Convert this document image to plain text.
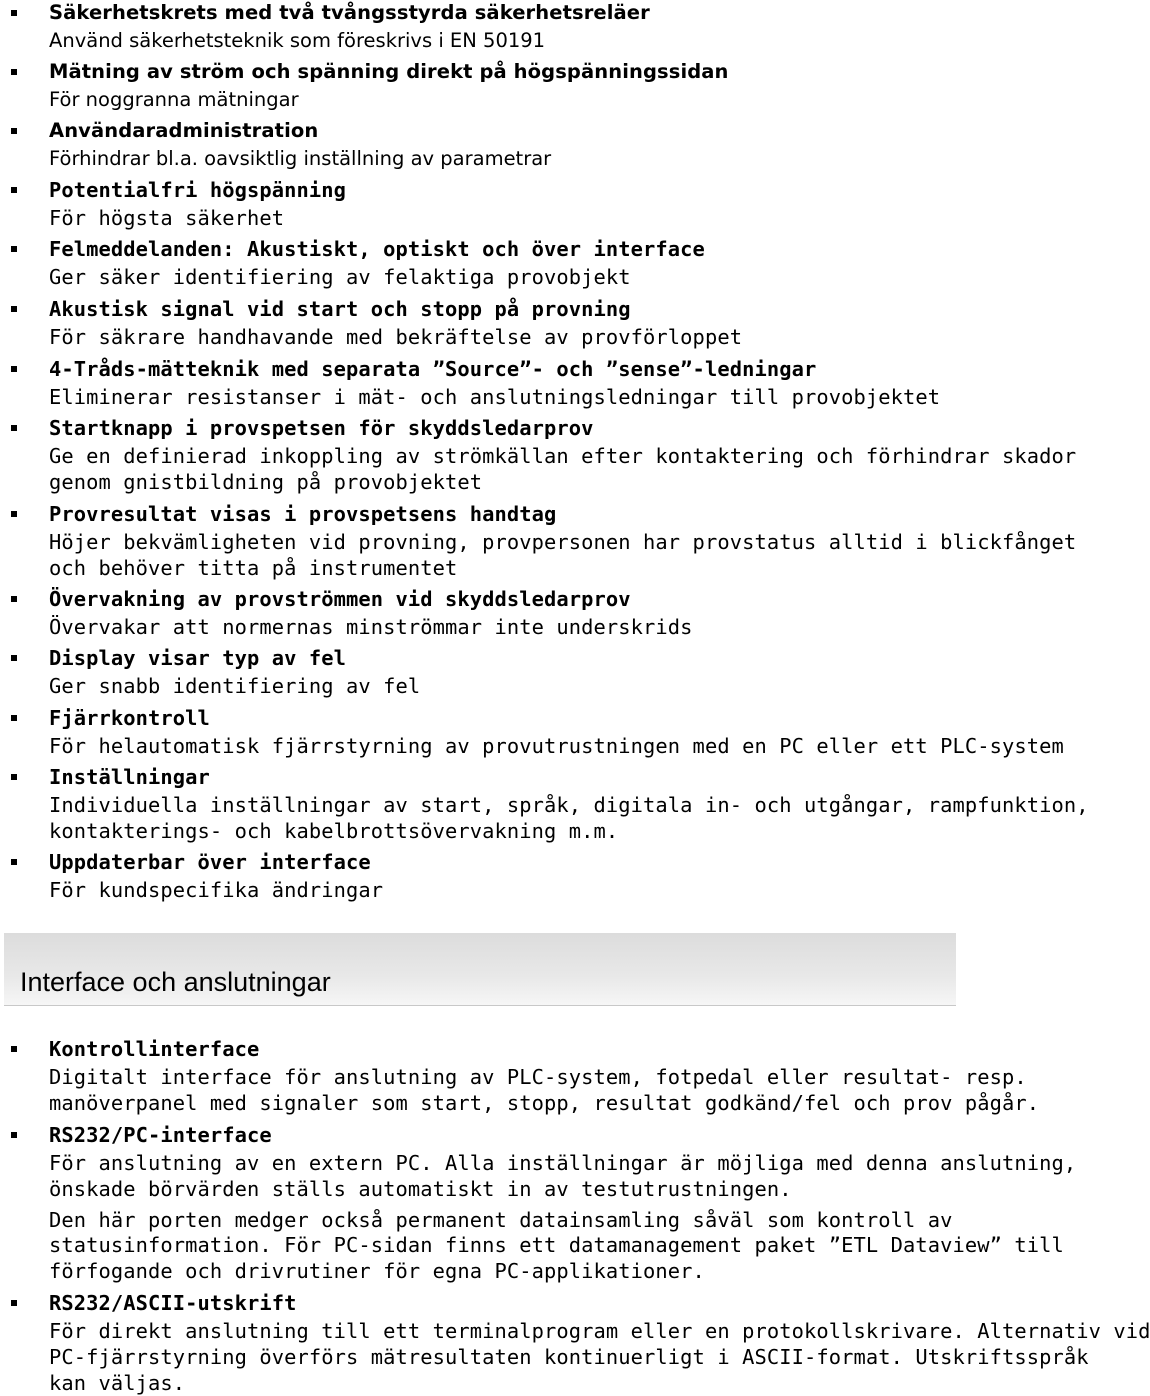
Säkerhetskrets med två tvångsstyrda säkerhetsreläer
Använd säkerhetsteknik som föreskrivs i EN 50191
Mätning av ström och spänning direkt på högspänningssidan
För noggranna mätningar
Användaradministration
Förhindrar bl.a. oavsiktlig inställning av parametrar
Potentialfri högspänning
För högsta säkerhet
Felmeddelanden: Akustiskt, optiskt och över interface
Ger säker identifiering av felaktiga provobjekt
Akustisk signal vid start och stopp på provning
För säkrare handhavande med bekräftelse av provförloppet
4-Tråds-mätteknik med separata ”Source”- och ”sense”-ledningar
Eliminerar resistanser i mät- och anslutningsledningar till provobjektet
Startknapp i provspetsen för skyddsledarprov
Ge en definierad inkoppling av strömkällan efter kontaktering och förhindrar skador
genom gnistbildning på provobjektet
Provresultat visas i provspetsens handtag
Höjer bekvämligheten vid provning, provpersonen har provstatus alltid i blickfånget
och behöver titta på instrumentet
Övervakning av provströmmen vid skyddsledarprov
Övervakar att normernas minströmmar inte underskrids
Display visar typ av fel
Ger snabb identifiering av fel
Fjärrkontroll
För helautomatisk fjärrstyrning av provutrustningen med en PC eller ett PLC-system
Inställningar
Individuella inställningar av start, språk, digitala in- och utgångar, rampfunktion,
kontakterings- och kabelbrottsövervakning m.m.
Uppdaterbar över interface
För kundspecifika ändringar
Kontrollinterface
Digitalt interface för anslutning av PLC-system, fotpedal eller resultat- resp.
manöverpanel med signaler som start, stopp, resultat godkänd/fel och prov pågår.
RS232/PC-interface
För anslutning av en extern PC. Alla inställningar är möjliga med denna anslutning,
önskade börvärden ställs automatiskt in av testutrustningen.
Den här porten medger också permanent datainsamling såväl som kontroll av
statusinformation. För PC-sidan finns ett datamanagement paket ”ETL Dataview” till
förfogande och drivrutiner för egna PC-applikationer.
RS232/ASCII-utskrift
För direkt anslutning till ett terminalprogram eller en protokollskrivare. Alternativ vid
PC-fjärrstyrning överförs mätresultaten kontinuerligt i ASCII-format. Utskriftsspråk
kan väljas.
Interface och anslutningar
